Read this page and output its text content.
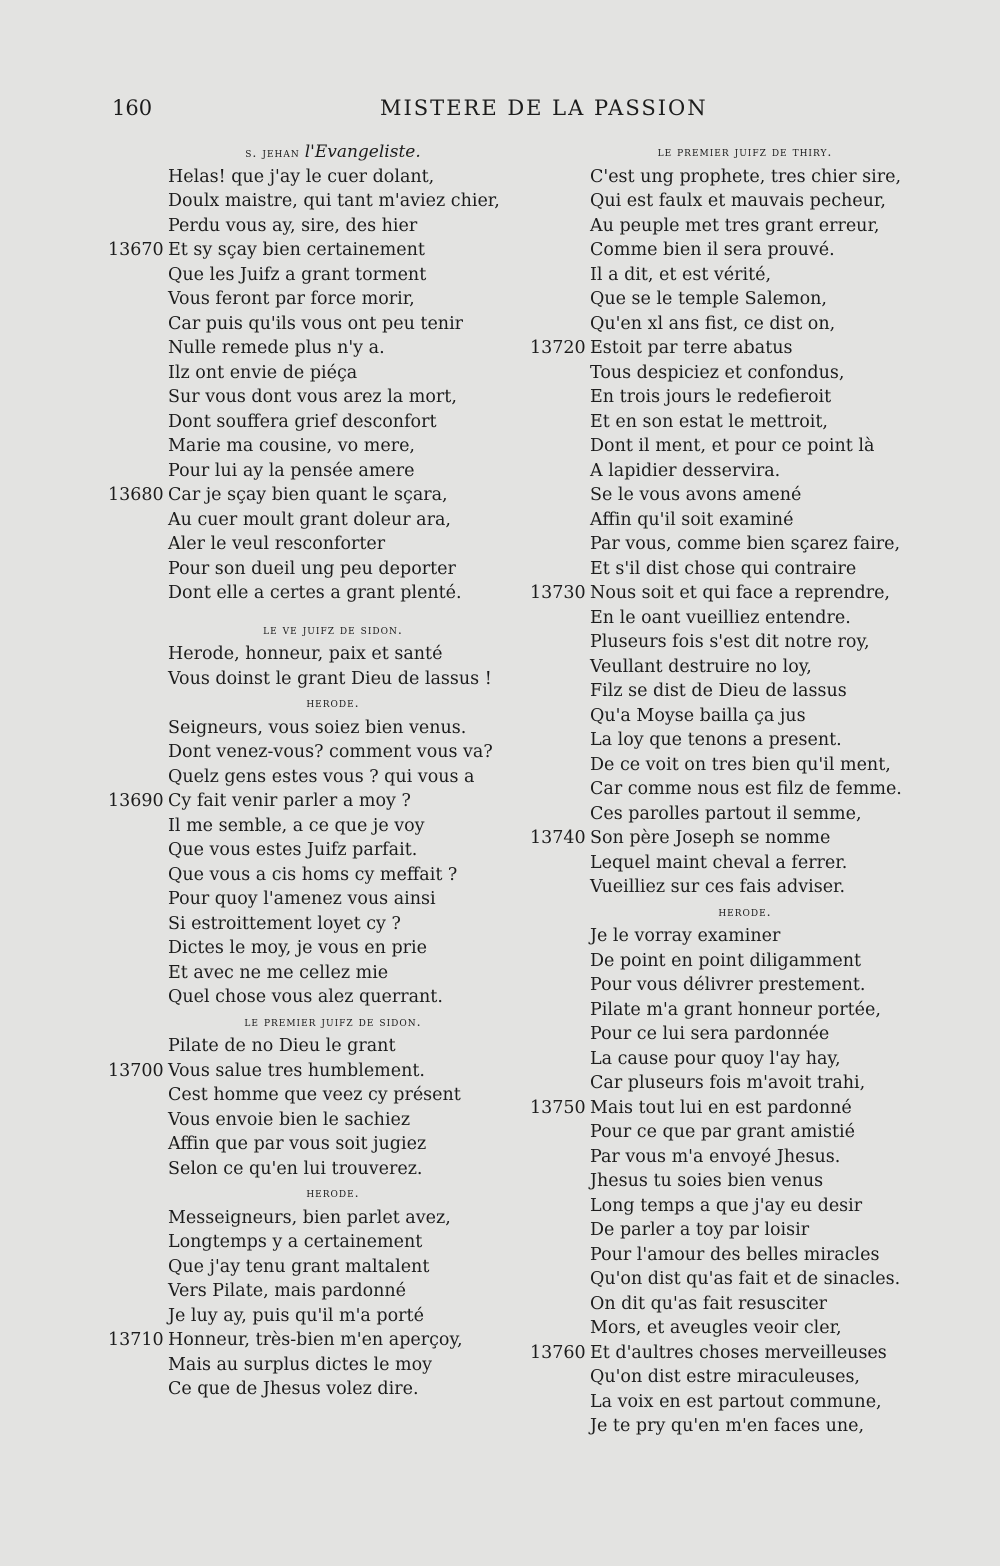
160	MISTERE DE LA PASSION
s. jehan l'Evangeliste.
Helas! que j'ay le cuer dolant,
Doulx maistre, qui tant m'aviez chier,
Perdu vous ay, sire, des hier
13670 Et sy sçay bien certainement
Que les Juifz a grant torment
Vous feront par force morir,
Car puis qu'ils vous ont peu tenir
Nulle remede plus n'y a.
Ilz ont envie de piéça
Sur vous dont vous arez la mort,
Dont souffera grief desconfort
Marie ma cousine, vo mere,
Pour lui ay la pensée amere
13680 Car je sçay bien quant le sçara,
Au cuer moult grant doleur ara,
Aler le veul resconforter
Pour son dueil ung peu deporter
Dont elle a certes a grant plenté.
le ve juifz de sidon.
Herode, honneur, paix et santé
Vous doinst le grant Dieu de lassus !
herode.
Seigneurs, vous soiez bien venus.
Dont venez-vous? comment vous va?
Quelz gens estes vous ? qui vous a
13690 Cy fait venir parler a moy ?
Il me semble, a ce que je voy
Que vous estes Juifz parfait.
Que vous a cis homs cy meffait ?
Pour quoy l'amenez vous ainsi
Si estroittement loyet cy ?
Dictes le moy, je vous en prie
Et avec ne me cellez mie
Quel chose vous alez querrant.
le premier juifz de sidon.
Pilate de no Dieu le grant
13700 Vous salue tres humblement.
Cest homme que veez cy présent
Vous envoie bien le sachiez
Affin que par vous soit jugiez
Selon ce qu'en lui trouverez.
herode.
Messeigneurs, bien parlet avez,
Longtemps y a certainement
Que j'ay tenu grant maltalent
Vers Pilate, mais pardonné
Je luy ay, puis qu'il m'a porté
13710 Honneur, très-bien m'en aperçoy,
Mais au surplus dictes le moy
Ce que de Jhesus volez dire.
le premier juifz de thiry.
C'est ung prophete, tres chier sire,
Qui est faulx et mauvais pecheur,
Au peuple met tres grant erreur,
Comme bien il sera prouvé.
Il a dit, et est vérité,
Que se le temple Salemon,
Qu'en xl ans fist, ce dist on,
13720 Estoit par terre abatus
Tous despiciez et confondus,
En trois jours le redefieroit
Et en son estat le mettroit,
Dont il ment, et pour ce point là
A lapidier desservira.
Se le vous avons amené
Affin qu'il soit examiné
Par vous, comme bien sçarez faire,
Et s'il dist chose qui contraire
13730 Nous soit et qui face a reprendre,
En le oant vueilliez entendre.
Pluseurs fois s'est dit notre roy,
Veullant destruire no loy,
Filz se dist de Dieu de lassus
Qu'a Moyse bailla ça jus
La loy que tenons a present.
De ce voit on tres bien qu'il ment,
Car comme nous est filz de femme.
Ces parolles partout il semme,
13740 Son père Joseph se nomme
Lequel maint cheval a ferrer.
Vueilliez sur ces fais adviser.
herode.
Je le vorray examiner
De point en point diligamment
Pour vous délivrer prestement.
Pilate m'a grant honneur portée,
Pour ce lui sera pardonnée
La cause pour quoy l'ay hay,
Car pluseurs fois m'avoit trahi,
13750 Mais tout lui en est pardonné
Pour ce que par grant amistié
Par vous m'a envoyé Jhesus.
Jhesus tu soies bien venus
Long temps a que j'ay eu desir
De parler a toy par loisir
Pour l'amour des belles miracles
Qu'on dist qu'as fait et de sinacles.
On dit qu'as fait resusciter
Mors, et aveugles veoir cler,
13760 Et d'aultres choses merveilleuses
Qu'on dist estre miraculeuses,
La voix en est partout commune,
Je te pry qu'en m'en faces une,
